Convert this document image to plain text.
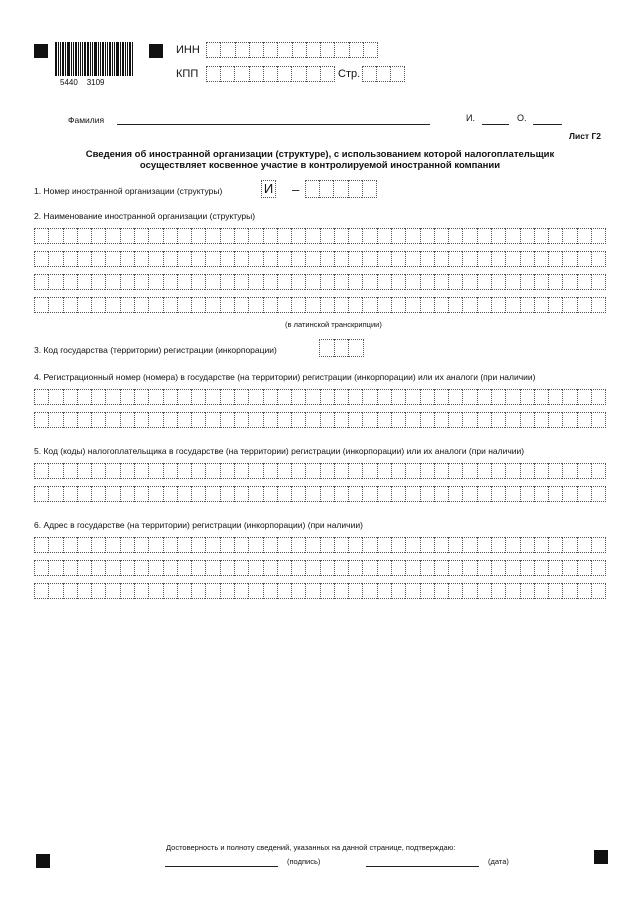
5440    3109
ИНН
КПП	Стр.
Фамилия	И.	О.
Лист Г2
Сведения об иностранной организации (структуре), с использованием которой налогоплательщик
осуществляет косвенное участие в контролируемой иностранной компании
1. Номер иностранной организации (структуры)	И –
2. Наименование иностранной организации (структуры)
(в латинской транскрипции)
3. Код государства (территории) регистрации (инкорпорации)
4. Регистрационный номер (номера) в государстве (на территории) регистрации (инкорпорации) или их аналоги (при наличии)
5. Код (коды) налогоплательщика в государстве (на территории) регистрации (инкорпорации) или их аналоги (при наличии)
6. Адрес в государстве (на территории) регистрации (инкорпорации) (при наличии)
Достоверность и полноту сведений, указанных на данной странице, подтверждаю:
(подпись)	(дата)
